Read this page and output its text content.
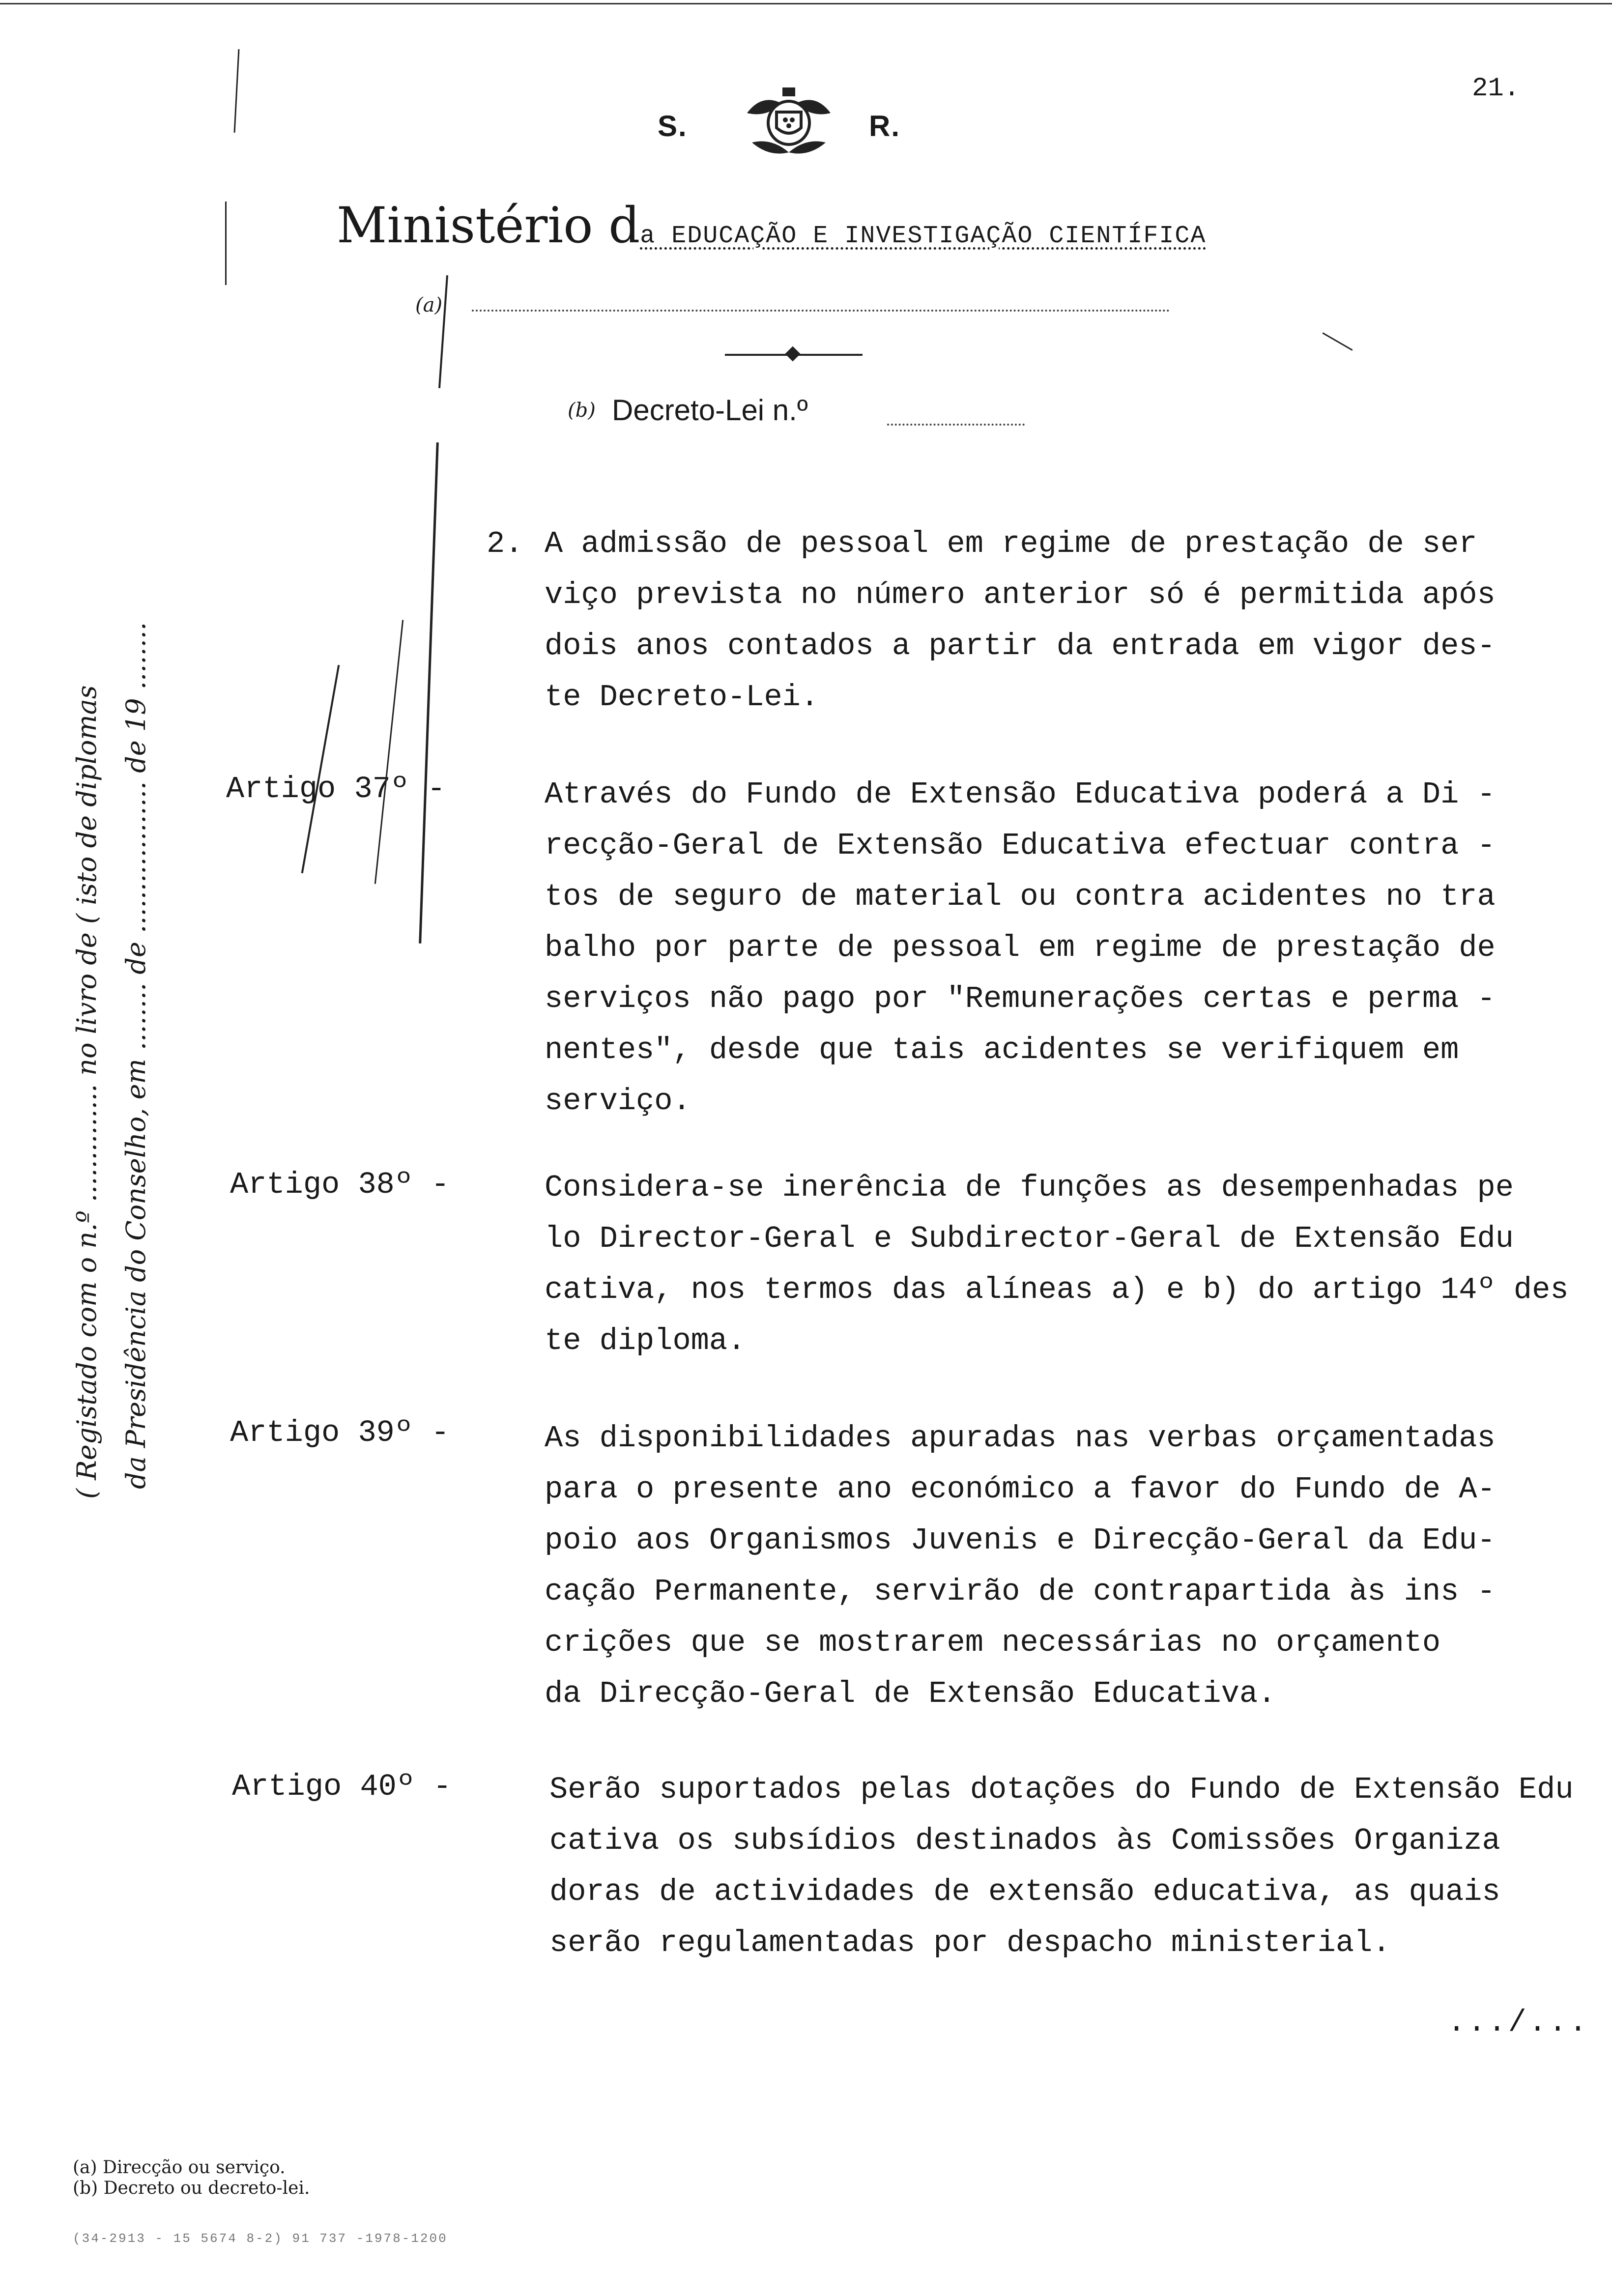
21.
S.	R.
Ministério da EDUCAÇÃO E INVESTIGAÇÃO CIENTÍFICA
(a)
(b) Decreto-Lei n.º
2. A admissão de pessoal em regime de prestação de ser
viço prevista no número anterior só é permitida após
dois anos contados a partir da entrada em vigor des-
te Decreto-Lei.
Artigo 37º -	Através do Fundo de Extensão Educativa poderá a Di -
recção-Geral de Extensão Educativa efectuar contra -
tos de seguro de material ou contra acidentes no tra
balho por parte de pessoal em regime de prestação de
serviços não pago por "Remunerações certas e perma -
nentes", desde que tais acidentes se verifiquem em
serviço.
Artigo 38º -	Considera-se inerência de funções as desempenhadas pe
lo Director-Geral e Subdirector-Geral de Extensão Edu
cativa, nos termos das alíneas a) e b) do artigo 14º des
te diploma.
Artigo 39º -	As disponibilidades apuradas nas verbas orçamentadas
para o presente ano económico a favor do Fundo de A-
poio aos Organismos Juvenis e Direcção-Geral da Edu-
cação Permanente, servirão de contrapartida às ins -
crições que se mostrarem necessárias no orçamento
da Direcção-Geral de Extensão Educativa.
Artigo 40º -	Serão suportados pelas dotações do Fundo de Extensão Edu
cativa os subsídios destinados às Comissões Organiza
doras de actividades de extensão educativa, as quais
serão regulamentadas por despacho ministerial.
.../...
( Registado com o n.º .............. no livro de ( isto de diplomas da Presidência do Conselho, em ........ de .................. de 19 ........
(a) Direcção ou serviço.
(b) Decreto ou decreto-lei.
(34-2913 - 15 5674 8-2) 91 737 -1978-1200
